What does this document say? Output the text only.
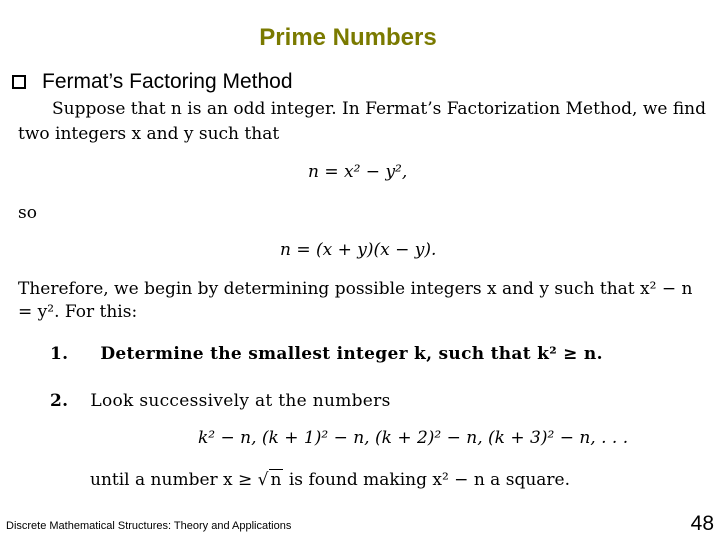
Prime Numbers
Fermat’s Factoring Method
Suppose that n is an odd integer. In Fermat’s Factorization Method, we find
two integers x and y such that
n = x² − y²,
so
n = (x + y)(x − y).
Therefore, we begin by determining possible integers x and y such that x² − n
= y². For this:
1. Determine the smallest integer k, such that k² ≥ n.
2. Look successively at the numbers
k² − n, (k + 1)² − n, (k + 2)² − n, (k + 3)² − n, . . .
until a number x ≥ √ n is found making x² − n a square.
Discrete Mathematical Structures: Theory and Applications	48
